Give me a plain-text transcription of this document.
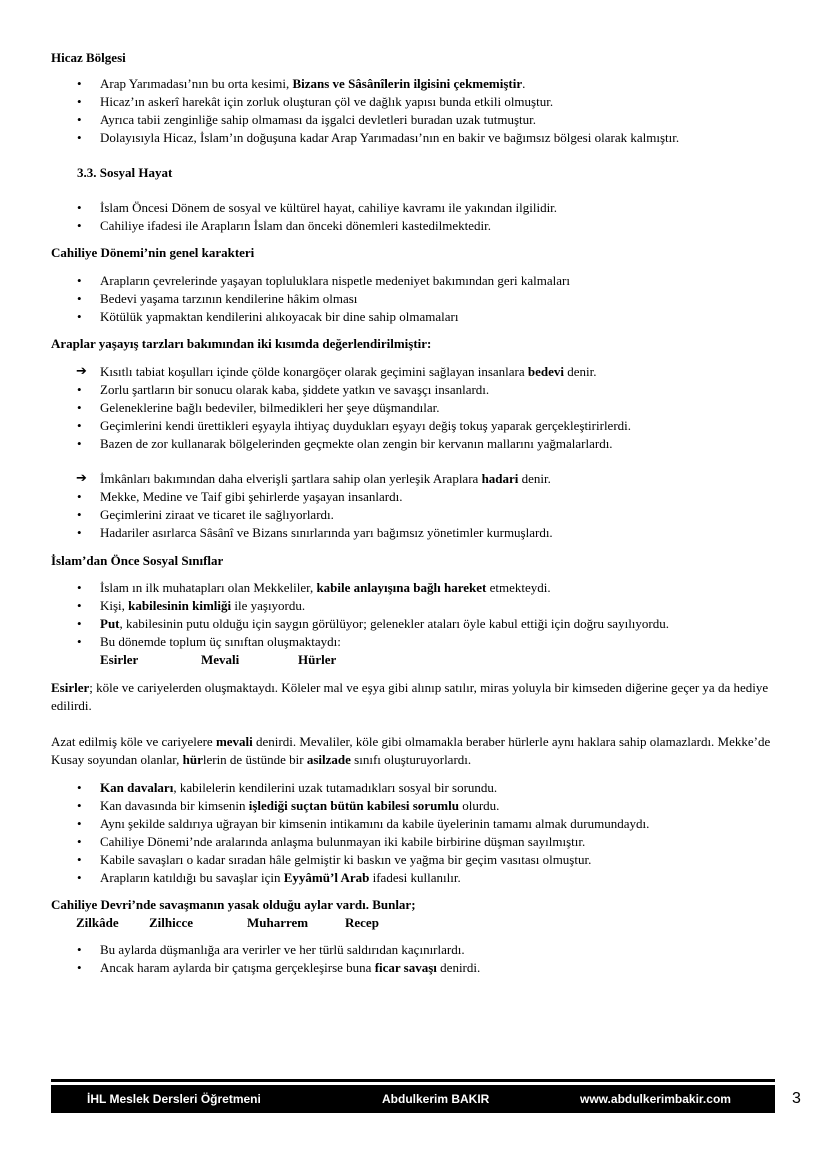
Hicaz Bölgesi

• Arap Yarımadası’nın bu orta kesimi, Bizans ve Sâsânîlerin ilgisini çekmemiştir.
• Hicaz’ın askerî harekât için zorluk oluşturan çöl ve dağlık yapısı bunda etkili olmuştur.
• Ayrıca tabii zenginliğe sahip olmaması da işgalci devletleri buradan uzak tutmuştur.
• Dolayısıyla Hicaz, İslam’ın doğuşuna kadar Arap Yarımadası’nın en bakir ve bağımsız bölgesi olarak kalmıştır.

3.3. Sosyal Hayat

• İslam Öncesi Dönem de sosyal ve kültürel hayat, cahiliye kavramı ile yakından ilgilidir.
• Cahiliye ifadesi ile Arapların İslam dan önceki dönemleri kastedilmektedir.

Cahiliye Dönemi’nin genel karakteri

• Arapların çevrelerinde yaşayan topluluklara nispetle medeniyet bakımından geri kalmaları
• Bedevi yaşama tarzının kendilerine hâkim olması
• Kötülük yapmaktan kendilerini alıkoyacak bir dine sahip olmamaları

Araplar yaşayış tarzları bakımından iki kısımda değerlendirilmiştir:

➔ Kısıtlı tabiat koşulları içinde çölde konargöçer olarak geçimini sağlayan insanlara bedevi denir.
• Zorlu şartların bir sonucu olarak kaba, şiddete yatkın ve savaşçı insanlardı.
• Geleneklerine bağlı bedeviler, bilmedikleri her şeye düşmandılar.
• Geçimlerini kendi ürettikleri eşyayla ihtiyaç duydukları eşyayı değiş tokuş yaparak gerçekleştirirlerdi.
• Bazen de zor kullanarak bölgelerinden geçmekte olan zengin bir kervanın mallarını yağmalarlardı.
➔ İmkânları bakımından daha elverişli şartlara sahip olan yerleşik Araplara hadari denir.
• Mekke, Medine ve Taif gibi şehirlerde yaşayan insanlardı.
• Geçimlerini ziraat ve ticaret ile sağlıyorlardı.
• Hadariler asırlarca Sâsânî ve Bizans sınırlarında yarı bağımsız yönetimler kurmuşlardı.

İslam’dan Önce Sosyal Sınıflar

• İslam ın ilk muhatapları olan Mekkeliler, kabile anlayışına bağlı hareket etmekteydi.
• Kişi, kabilesinin kimliği ile yaşıyordu.
• Put, kabilesinin putu olduğu için saygın görülüyor; gelenekler ataları öyle kabul ettiği için doğru sayılıyordu.
• Bu dönemde toplum üç sınıftan oluşmaktaydı:
Esirler	Mevali	Hürler

Esirler; köle ve cariyelerden oluşmaktaydı. Köleler mal ve eşya gibi alınıp satılır, miras yoluyla bir kimseden diğerine geçer ya da hediye edilirdi.

Azat edilmiş köle ve cariyelere mevali denirdi. Mevaliler, köle gibi olmamakla beraber hürlerle aynı haklara sahip olamazlardı. Mekke’de Kusay soyundan olanlar, hürlerin de üstünde bir asilzade sınıfı oluşturuyorlardı.

• Kan davaları, kabilelerin kendilerini uzak tutamadıkları sosyal bir sorundu.
• Kan davasında bir kimsenin işlediği suçtan bütün kabilesi sorumlu olurdu.
• Aynı şekilde saldırıya uğrayan bir kimsenin intikamını da kabile üyelerinin tamamı almak durumundaydı.
• Cahiliye Dönemi’nde aralarında anlaşma bulunmayan iki kabile birbirine düşman sayılmıştır.
• Kabile savaşları o kadar sıradan hâle gelmiştir ki baskın ve yağma bir geçim vasıtası olmuştur.
• Arapların katıldığı bu savaşlar için Eyyâmü’l Arab ifadesi kullanılır.

Cahiliye Devri’nde savaşmanın yasak olduğu aylar vardı. Bunlar;

Zilkâde Zilhicce	Muharrem	Recep
• Bu aylarda düşmanlığa ara verirler ve her türlü saldırıdan kaçınırlardı.
• Ancak haram aylarda bir çatışma gerçekleşirse buna ficar savaşı denirdi.
İHL Meslek Dersleri Öğretmeni	Abdulkerim BAKIR	www.abdulkerimbakir.com	3
